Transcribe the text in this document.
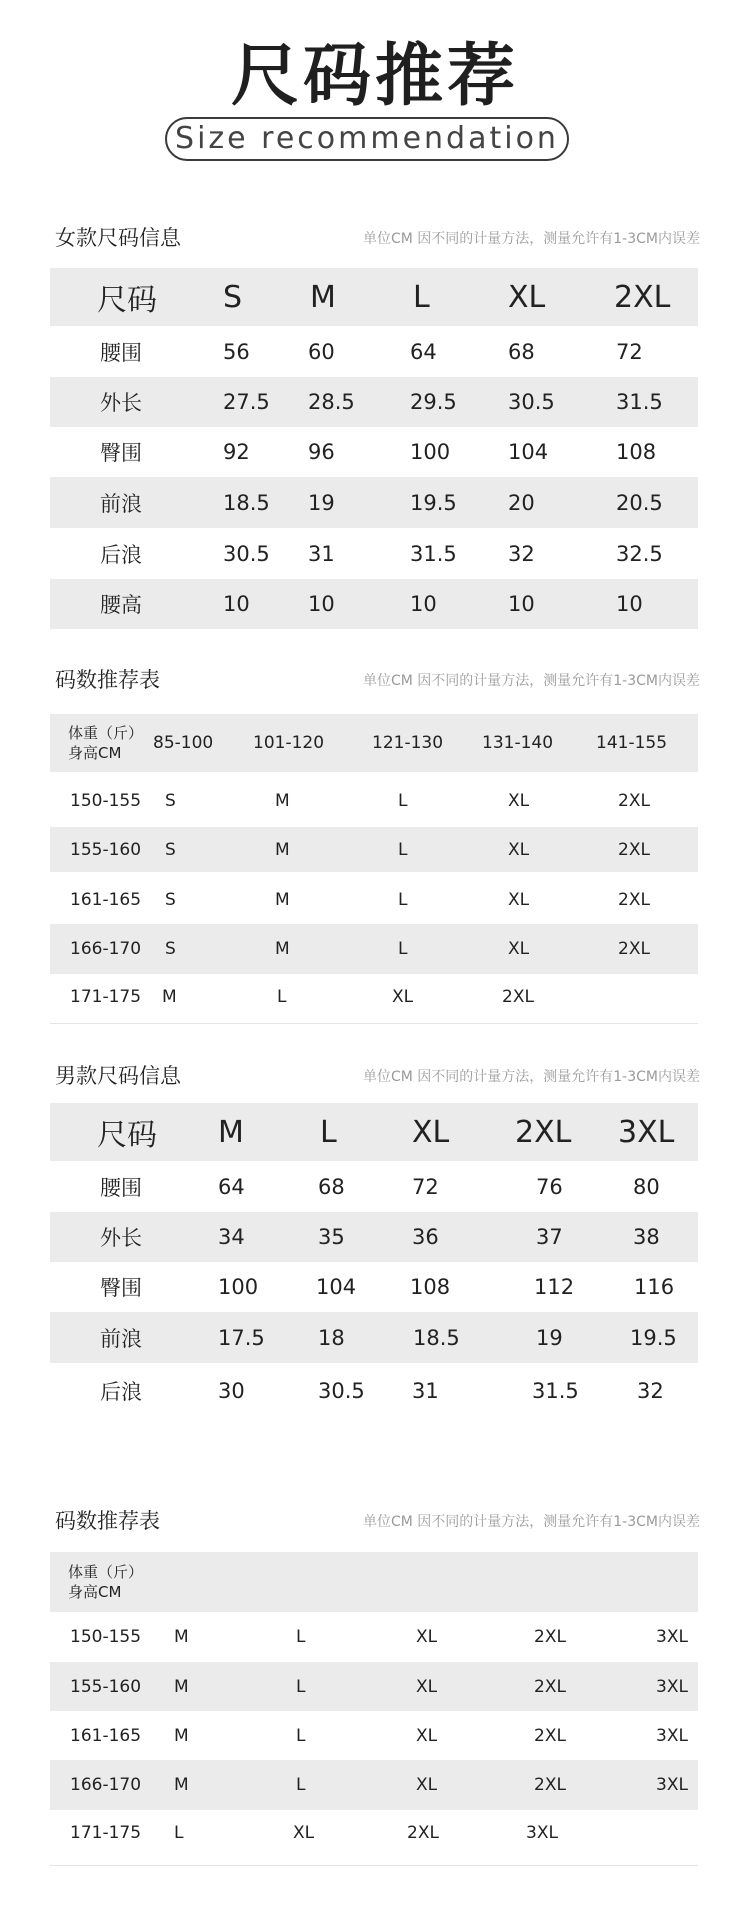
尺码推荐
Size recommendation
女款尺码信息	单位CM 因不同的计量方法，测量允许有1-3CM内误差
尺码 S M	L	XL 2XL
腰围	56	60	64	68	72
外长	27.5 28.5	29.5 30.5	31.5
臀围	92	96	100	104	108
前浪	18.5 19	19.5 20	20.5
后浪	30.5 31	31.5 32	32.5
腰高	10	10	10	10	10
码数推荐表	单位CM 因不同的计量方法，测量允许有1-3CM内误差
体重（斤）
身高CM 85-100 101-120	121-130 131-140	141-155
150-155 S	M	L	XL	2XL
155-160 S	M	L	XL	2XL
161-165 S	M	L	XL	2XL
166-170 S	M	L	XL	2XL
171-175 M	L	XL	2XL
男款尺码信息	单位CM 因不同的计量方法，测量允许有1-3CM内误差
尺码 M	L	XL 2XL 3XL
腰围	64	68	72	76	80
外长	34	35	36	37	38
臀围	100	104	108	112	116
前浪	17.5	18	18.5	19	19.5
后浪	30	30.5 31	31.5	32
码数推荐表	单位CM 因不同的计量方法，测量允许有1-3CM内误差
体重（斤）
身高CM
150-155 M	L	XL	2XL	3XL
155-160 M	L	XL	2XL	3XL
161-165 M	L	XL	2XL	3XL
166-170 M	L	XL	2XL	3XL
171-175 L	XL	2XL	3XL
